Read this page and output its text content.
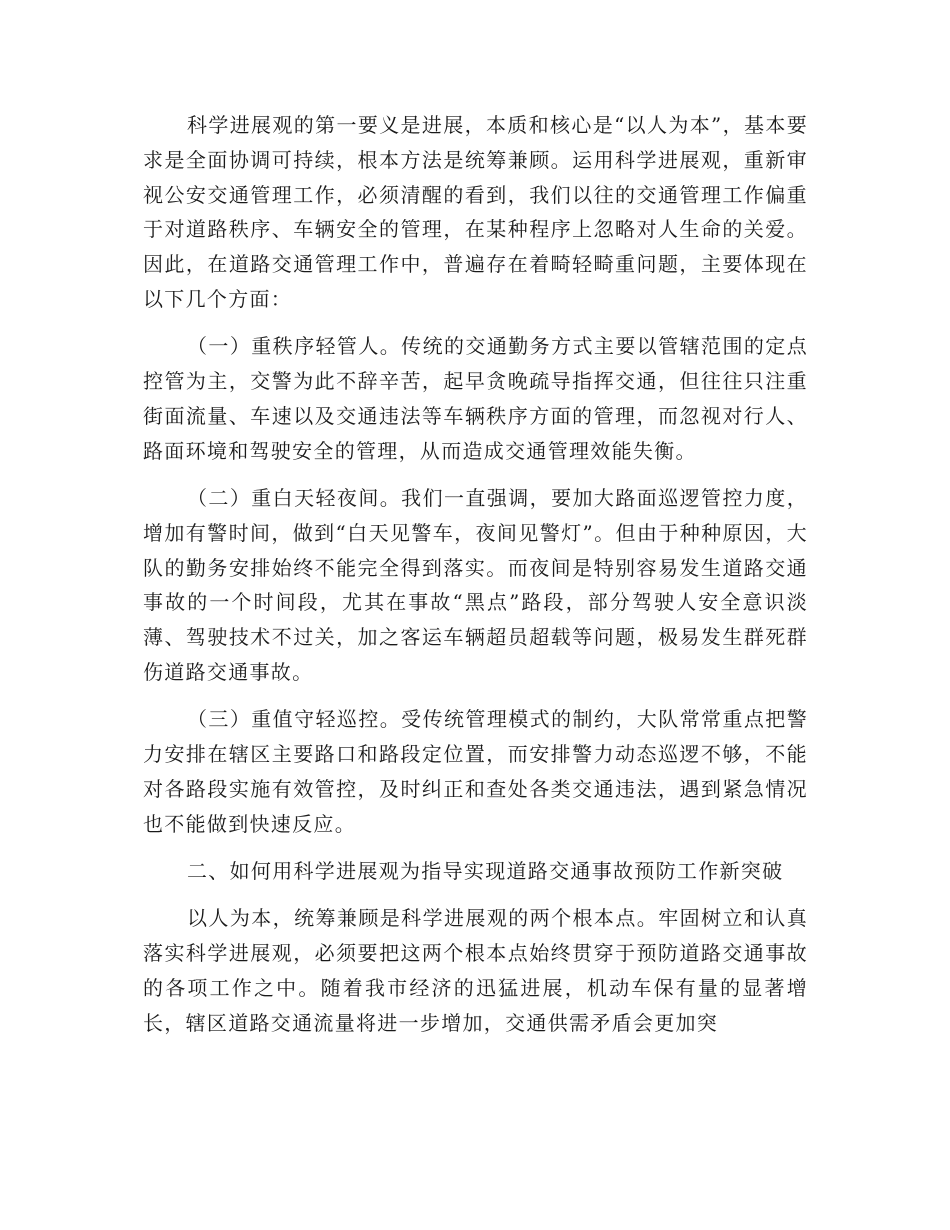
科学进展观的第一要义是进展，本质和核心是“以人为本”，基本要求是全面协调可持续，根本方法是统筹兼顾。运用科学进展观，重新审视公安交通管理工作，必须清醒的看到，我们以往的交通管理工作偏重于对道路秩序、车辆安全的管理，在某种程序上忽略对人生命的关爱。因此，在道路交通管理工作中，普遍存在着畸轻畸重问题，主要体现在以下几个方面：

（一）重秩序轻管人。传统的交通勤务方式主要以管辖范围的定点控管为主，交警为此不辞辛苦，起早贪晚疏导指挥交通，但往往只注重街面流量、车速以及交通违法等车辆秩序方面的管理，而忽视对行人、路面环境和驾驶安全的管理，从而造成交通管理效能失衡。

（二）重白天轻夜间。我们一直强调，要加大路面巡逻管控力度，增加有警时间，做到“白天见警车，夜间见警灯”。但由于种种原因，大队的勤务安排始终不能完全得到落实。而夜间是特别容易发生道路交通事故的一个时间段，尤其在事故“黑点”路段，部分驾驶人安全意识淡薄、驾驶技术不过关，加之客运车辆超员超载等问题，极易发生群死群伤道路交通事故。

（三）重值守轻巡控。受传统管理模式的制约，大队常常重点把警力安排在辖区主要路口和路段定位置，而安排警力动态巡逻不够，不能对各路段实施有效管控，及时纠正和查处各类交通违法，遇到紧急情况也不能做到快速反应。

二、如何用科学进展观为指导实现道路交通事故预防工作新突破

以人为本，统筹兼顾是科学进展观的两个根本点。牢固树立和认真落实科学进展观，必须要把这两个根本点始终贯穿于预防道路交通事故的各项工作之中。随着我市经济的迅猛进展，机动车保有量的显著增长，辖区道路交通流量将进一步增加，交通供需矛盾会更加突
